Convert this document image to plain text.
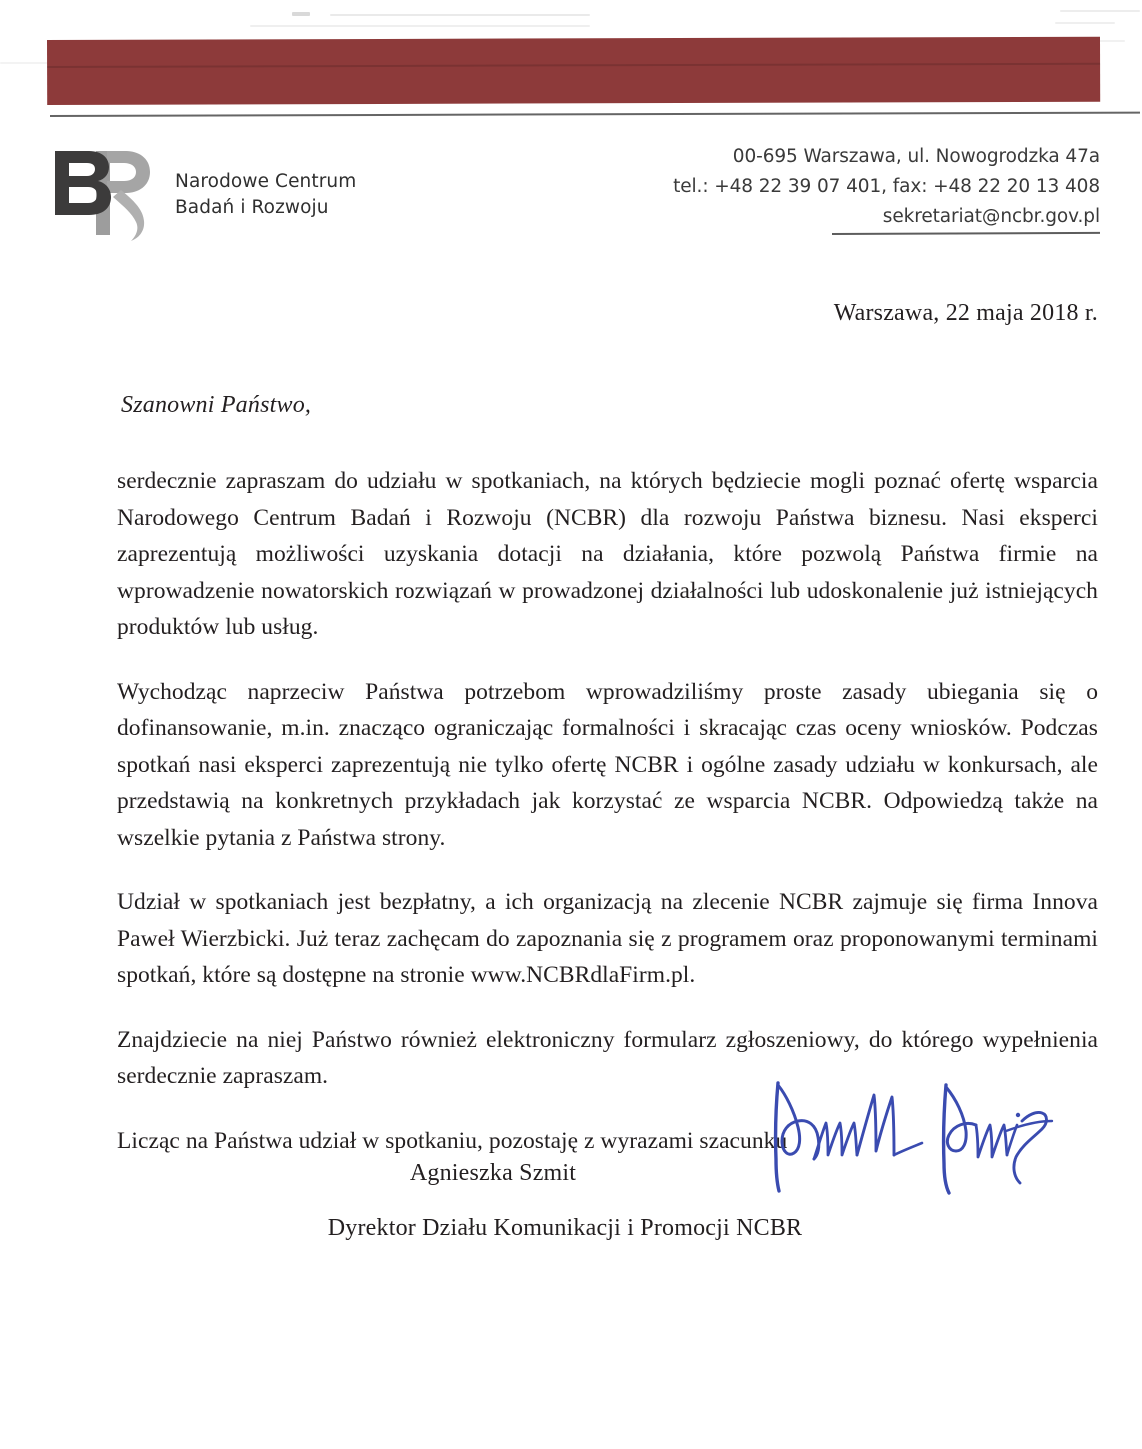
Narodowe Centrum
Badań i Rozwoju
00-695 Warszawa, ul. Nowogrodzka 47a
tel.: +48 22 39 07 401, fax: +48 22 20 13 408
sekretariat@ncbr.gov.pl
Warszawa, 22 maja 2018 r.
Szanowni Państwo,

serdecznie zapraszam do udziału w spotkaniach, na których będziecie mogli poznać ofertę wsparcia Narodowego Centrum Badań i Rozwoju (NCBR) dla rozwoju Państwa biznesu. Nasi eksperci zaprezentują możliwości uzyskania dotacji na działania, które pozwolą Państwa firmie na wprowadzenie nowatorskich rozwiązań w prowadzonej działalności lub udoskonalenie już istniejących produktów lub usług.

Wychodząc naprzeciw Państwa potrzebom wprowadziliśmy proste zasady ubiegania się o dofinansowanie, m.in. znacząco ograniczając formalności i skracając czas oceny wniosków. Podczas spotkań nasi eksperci zaprezentują nie tylko ofertę NCBR i ogólne zasady udziału w konkursach, ale przedstawią na konkretnych przykładach jak korzystać ze wsparcia NCBR. Odpowiedzą także na wszelkie pytania z Państwa strony.

Udział w spotkaniach jest bezpłatny, a ich organizacją na zlecenie NCBR zajmuje się firma Innova Paweł Wierzbicki. Już teraz zachęcam do zapoznania się z programem oraz proponowanymi terminami spotkań, które są dostępne na stronie www.NCBRdlaFirm.pl.

Znajdziecie na niej Państwo również elektroniczny formularz zgłoszeniowy, do którego wypełnienia serdecznie zapraszam.

Licząc na Państwa udział w spotkaniu, pozostaję z wyrazami szacunku

Agnieszka Szmit
Dyrektor Działu Komunikacji i Promocji NCBR
